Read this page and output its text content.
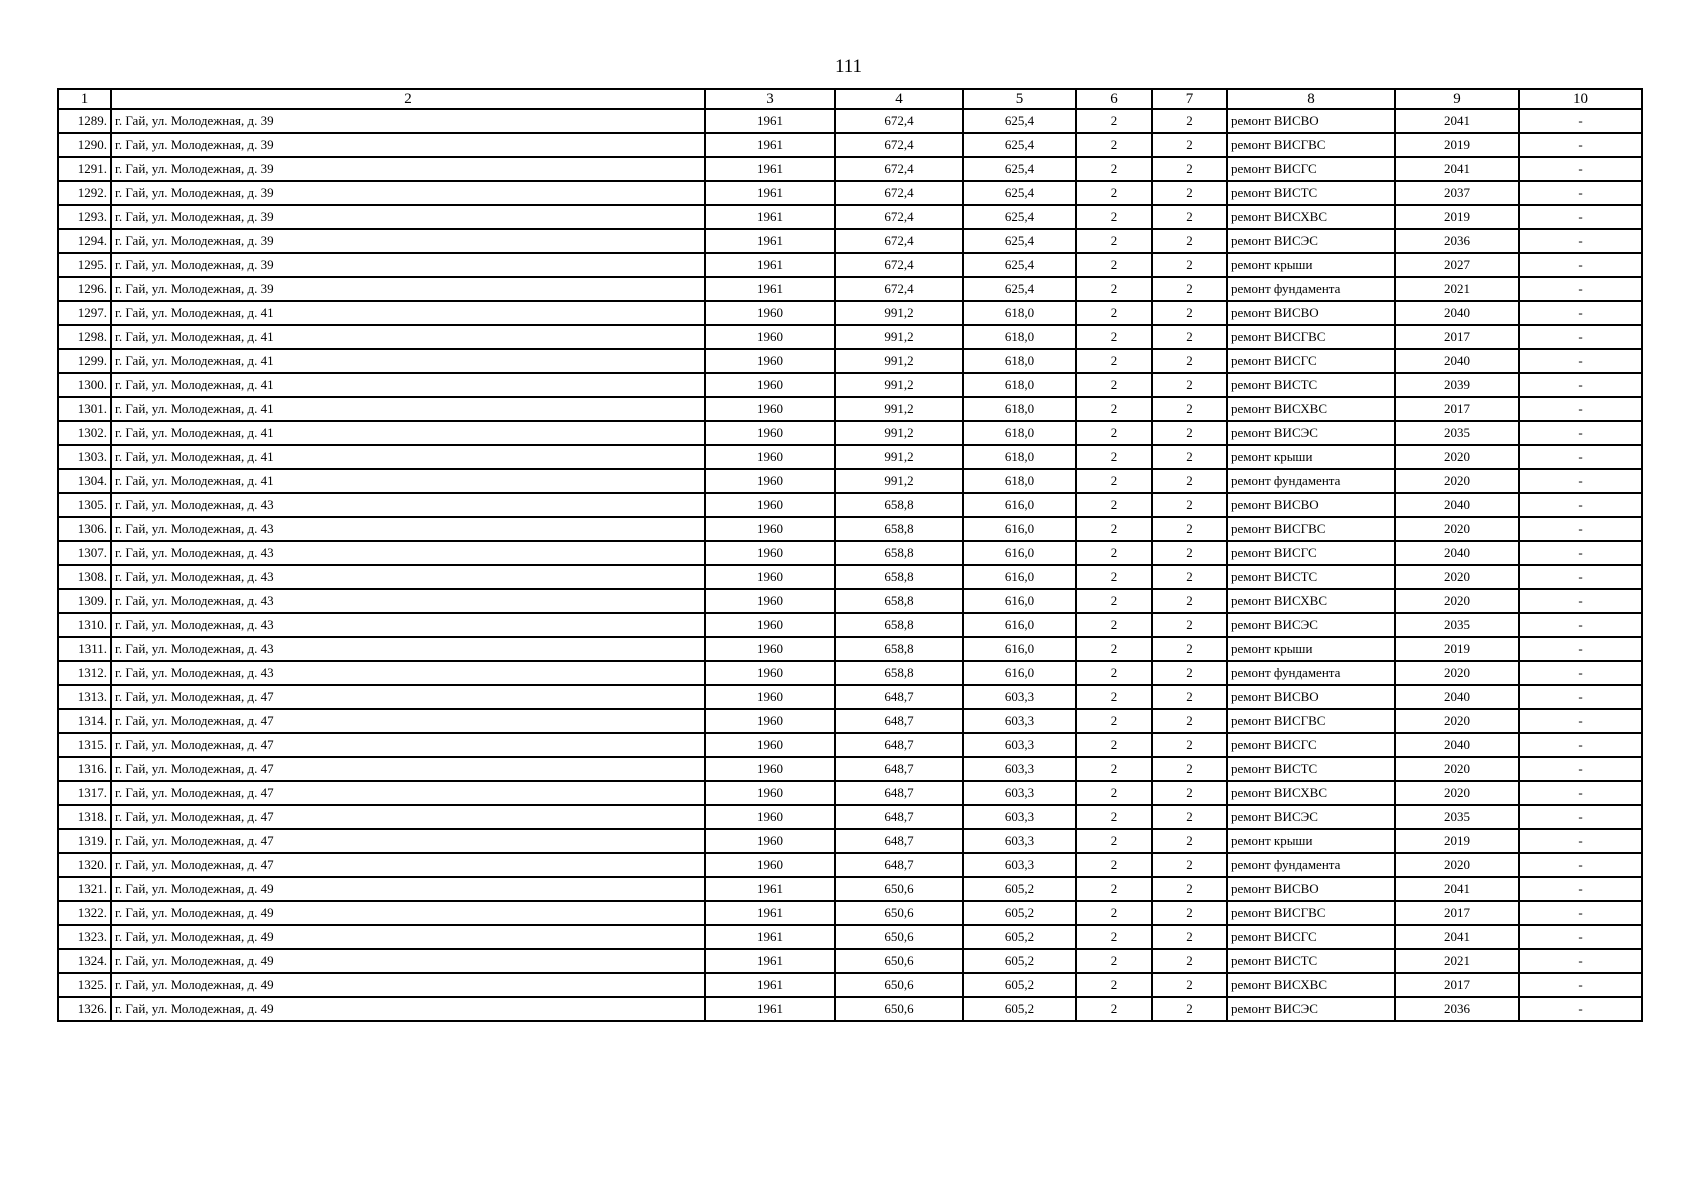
111
1	2	3	4	5	6	7	8	9	10
1289.	г. Гай, ул. Молодежная, д. 39	1961	672,4	625,4	2	2	ремонт ВИСВО	2041	-
1290.	г. Гай, ул. Молодежная, д. 39	1961	672,4	625,4	2	2	ремонт ВИСГВС	2019	-
1291.	г. Гай, ул. Молодежная, д. 39	1961	672,4	625,4	2	2	ремонт ВИСГС	2041	-
1292.	г. Гай, ул. Молодежная, д. 39	1961	672,4	625,4	2	2	ремонт ВИСТС	2037	-
1293.	г. Гай, ул. Молодежная, д. 39	1961	672,4	625,4	2	2	ремонт ВИСХВС	2019	-
1294.	г. Гай, ул. Молодежная, д. 39	1961	672,4	625,4	2	2	ремонт ВИСЭС	2036	-
1295.	г. Гай, ул. Молодежная, д. 39	1961	672,4	625,4	2	2	ремонт крыши	2027	-
1296.	г. Гай, ул. Молодежная, д. 39	1961	672,4	625,4	2	2	ремонт фундамента	2021	-
1297.	г. Гай, ул. Молодежная, д. 41	1960	991,2	618,0	2	2	ремонт ВИСВО	2040	-
1298.	г. Гай, ул. Молодежная, д. 41	1960	991,2	618,0	2	2	ремонт ВИСГВС	2017	-
1299.	г. Гай, ул. Молодежная, д. 41	1960	991,2	618,0	2	2	ремонт ВИСГС	2040	-
1300.	г. Гай, ул. Молодежная, д. 41	1960	991,2	618,0	2	2	ремонт ВИСТС	2039	-
1301.	г. Гай, ул. Молодежная, д. 41	1960	991,2	618,0	2	2	ремонт ВИСХВС	2017	-
1302.	г. Гай, ул. Молодежная, д. 41	1960	991,2	618,0	2	2	ремонт ВИСЭС	2035	-
1303.	г. Гай, ул. Молодежная, д. 41	1960	991,2	618,0	2	2	ремонт крыши	2020	-
1304.	г. Гай, ул. Молодежная, д. 41	1960	991,2	618,0	2	2	ремонт фундамента	2020	-
1305.	г. Гай, ул. Молодежная, д. 43	1960	658,8	616,0	2	2	ремонт ВИСВО	2040	-
1306.	г. Гай, ул. Молодежная, д. 43	1960	658,8	616,0	2	2	ремонт ВИСГВС	2020	-
1307.	г. Гай, ул. Молодежная, д. 43	1960	658,8	616,0	2	2	ремонт ВИСГС	2040	-
1308.	г. Гай, ул. Молодежная, д. 43	1960	658,8	616,0	2	2	ремонт ВИСТС	2020	-
1309.	г. Гай, ул. Молодежная, д. 43	1960	658,8	616,0	2	2	ремонт ВИСХВС	2020	-
1310.	г. Гай, ул. Молодежная, д. 43	1960	658,8	616,0	2	2	ремонт ВИСЭС	2035	-
1311.	г. Гай, ул. Молодежная, д. 43	1960	658,8	616,0	2	2	ремонт крыши	2019	-
1312.	г. Гай, ул. Молодежная, д. 43	1960	658,8	616,0	2	2	ремонт фундамента	2020	-
1313.	г. Гай, ул. Молодежная, д. 47	1960	648,7	603,3	2	2	ремонт ВИСВО	2040	-
1314.	г. Гай, ул. Молодежная, д. 47	1960	648,7	603,3	2	2	ремонт ВИСГВС	2020	-
1315.	г. Гай, ул. Молодежная, д. 47	1960	648,7	603,3	2	2	ремонт ВИСГС	2040	-
1316.	г. Гай, ул. Молодежная, д. 47	1960	648,7	603,3	2	2	ремонт ВИСТС	2020	-
1317.	г. Гай, ул. Молодежная, д. 47	1960	648,7	603,3	2	2	ремонт ВИСХВС	2020	-
1318.	г. Гай, ул. Молодежная, д. 47	1960	648,7	603,3	2	2	ремонт ВИСЭС	2035	-
1319.	г. Гай, ул. Молодежная, д. 47	1960	648,7	603,3	2	2	ремонт крыши	2019	-
1320.	г. Гай, ул. Молодежная, д. 47	1960	648,7	603,3	2	2	ремонт фундамента	2020	-
1321.	г. Гай, ул. Молодежная, д. 49	1961	650,6	605,2	2	2	ремонт ВИСВО	2041	-
1322.	г. Гай, ул. Молодежная, д. 49	1961	650,6	605,2	2	2	ремонт ВИСГВС	2017	-
1323.	г. Гай, ул. Молодежная, д. 49	1961	650,6	605,2	2	2	ремонт ВИСГС	2041	-
1324.	г. Гай, ул. Молодежная, д. 49	1961	650,6	605,2	2	2	ремонт ВИСТС	2021	-
1325.	г. Гай, ул. Молодежная, д. 49	1961	650,6	605,2	2	2	ремонт ВИСХВС	2017	-
1326.	г. Гай, ул. Молодежная, д. 49	1961	650,6	605,2	2	2	ремонт ВИСЭС	2036	-
